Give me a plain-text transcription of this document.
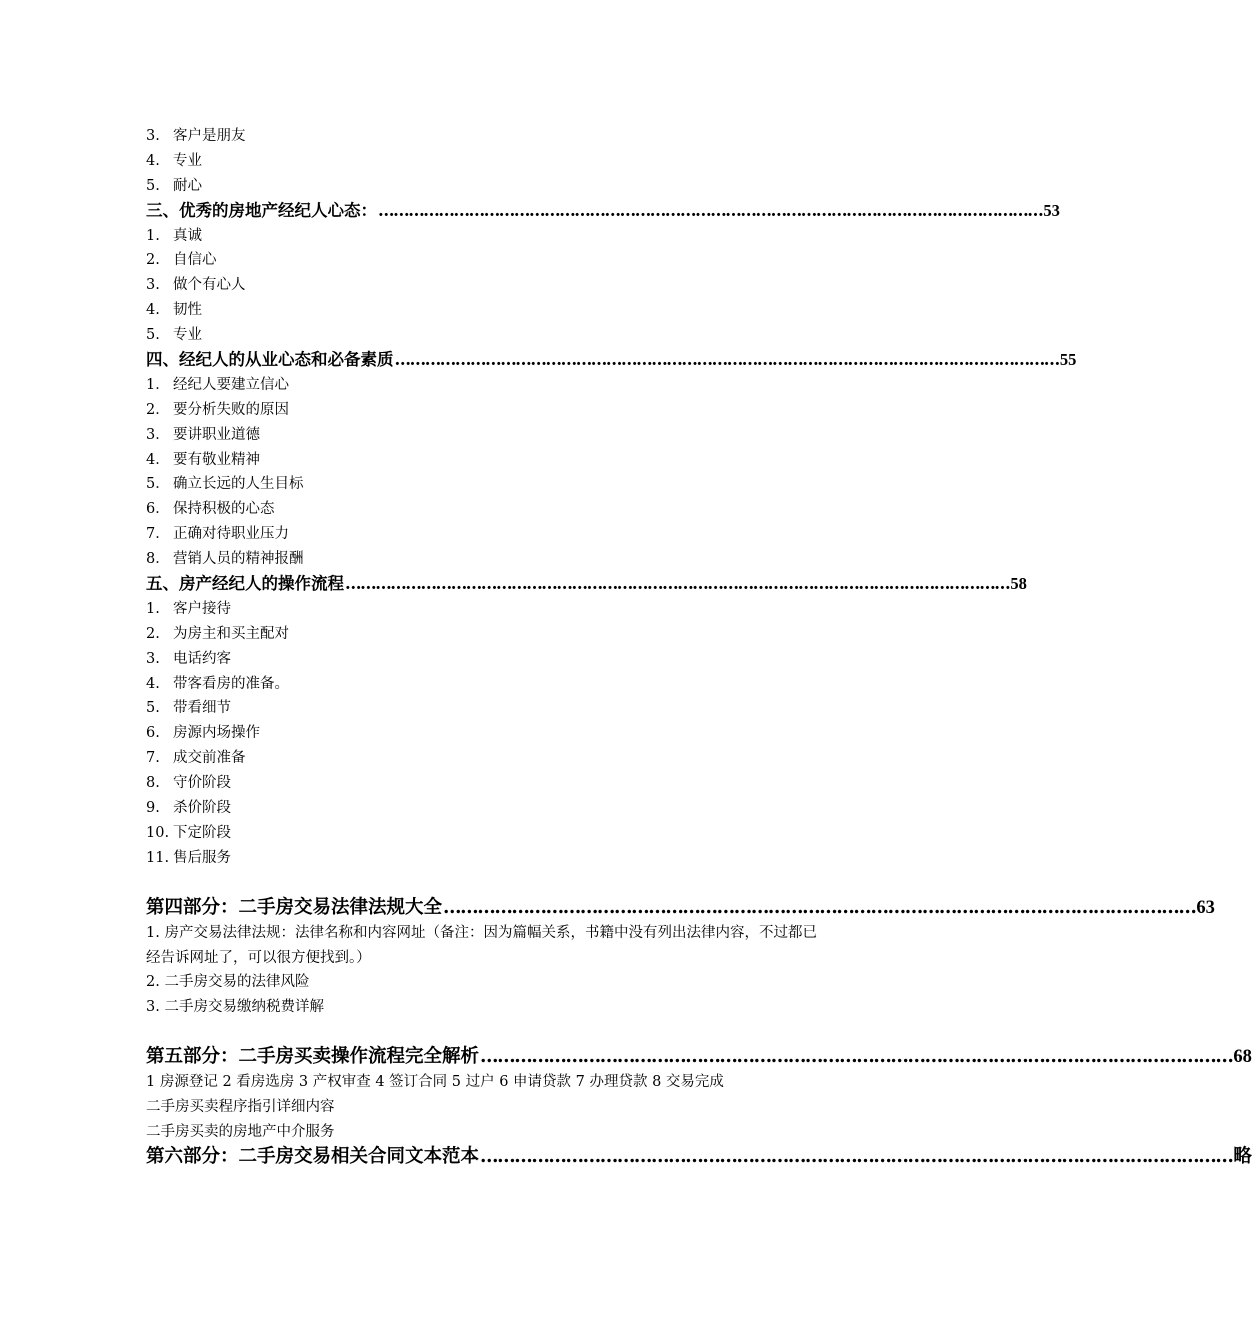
3. 客户是朋友
4. 专业
5. 耐心
三、优秀的房地产经纪人心态： …………………………………………………………………………………………………………………… 53
1. 真诚
2. 自信心
3. 做个有心人
4. 韧性
5. 专业
四、经纪人的从业心态和必备素质 …………………………………………………………………………………………………………………… 55
1． 经纪人要建立信心
2． 要分析失败的原因
3． 要讲职业道德
4． 要有敬业精神
5． 确立长远的人生目标
6． 保持积极的心态
7． 正确对待职业压力
8． 营销人员的精神报酬
五、房产经纪人的操作流程 …………………………………………………………………………………………………………………… 58
1. 客户接待
2. 为房主和买主配对
3. 电话约客
4. 带客看房的准备。
5. 带看细节
6. 房源内场操作
7. 成交前准备
8. 守价阶段
9. 杀价阶段
10. 下定阶段
11. 售后服务
第四部分：二手房交易法律法规大全 …………………………………………………………………………………………………………………… 63
1. 房产交易法律法规：法律名称和内容网址（备注：因为篇幅关系，书籍中没有列出法律内容，不过都已经告诉网址了，可以很方便找到。）
2. 二手房交易的法律风险
3. 二手房交易缴纳税费详解
第五部分：二手房买卖操作流程完全解析 …………………………………………………………………………………………………………………… 68
1 房源登记 2 看房选房 3 产权审查 4 签订合同 5 过户 6 申请贷款 7 办理贷款 8 交易完成
二手房买卖程序指引详细内容
二手房买卖的房地产中介服务
第六部分：二手房交易相关合同文本范本 …………………………………………………………………………………………………………………… 略
